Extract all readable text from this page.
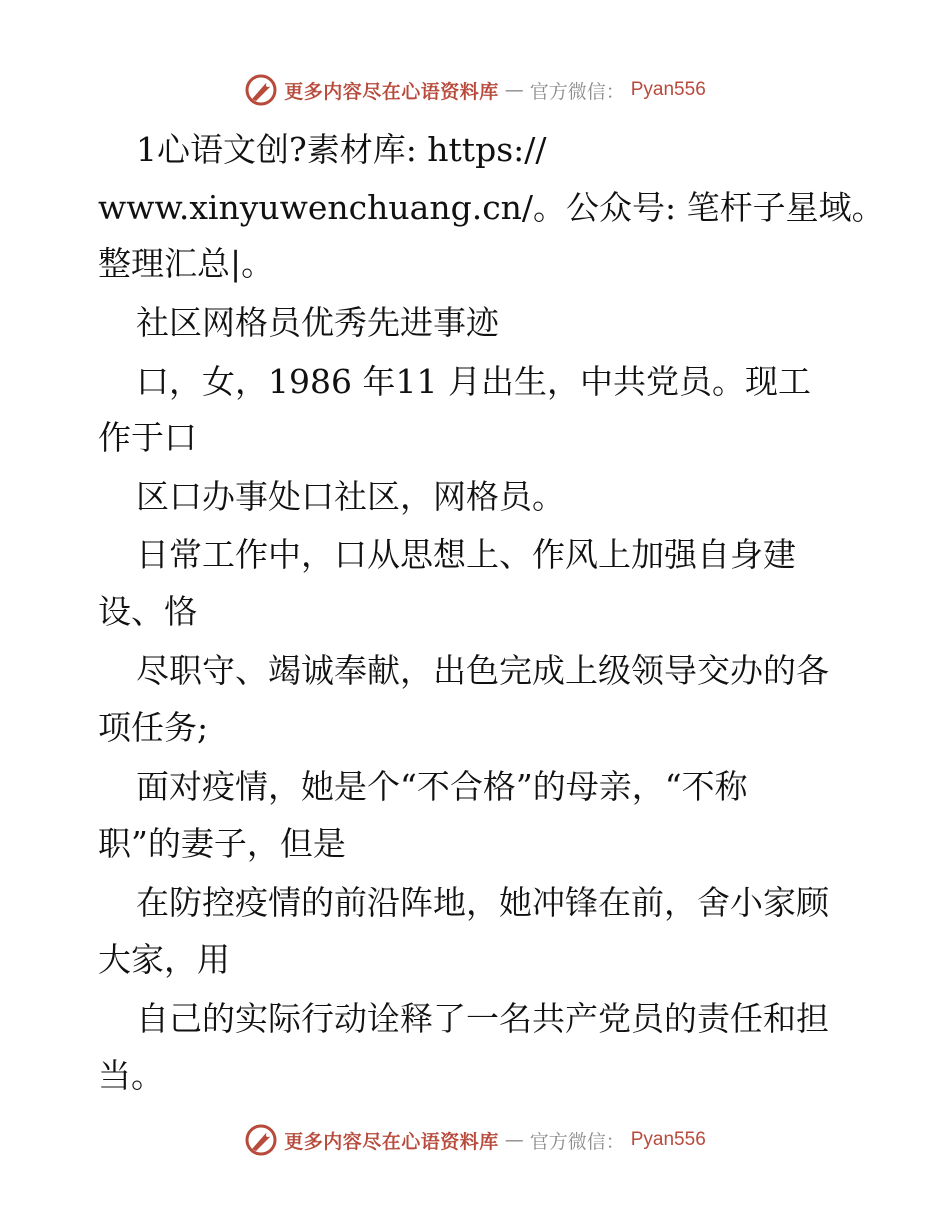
更多内容尽在心语资料库 — 官方微信： Pyan556
1心语文创?素材库: https://
www.xinyuwenchuang.cn/。公众号: 笔杆子星域。
整理汇总|。
社区网格员优秀先进事迹
口，女，1986 年11 月出生，中共党员。现工
作于口
区口办事处口社区，网格员。
日常工作中，口从思想上、作风上加强自身建
设、恪
尽职守、竭诚奉献，出色完成上级领导交办的各
项任务;
面对疫情，她是个“不合格”的母亲，“不称
职”的妻子，但是
在防控疫情的前沿阵地，她冲锋在前，舍小家顾
大家，用
自己的实际行动诠释了一名共产党员的责任和担
当。
更多内容尽在心语资料库 — 官方微信： Pyan556
